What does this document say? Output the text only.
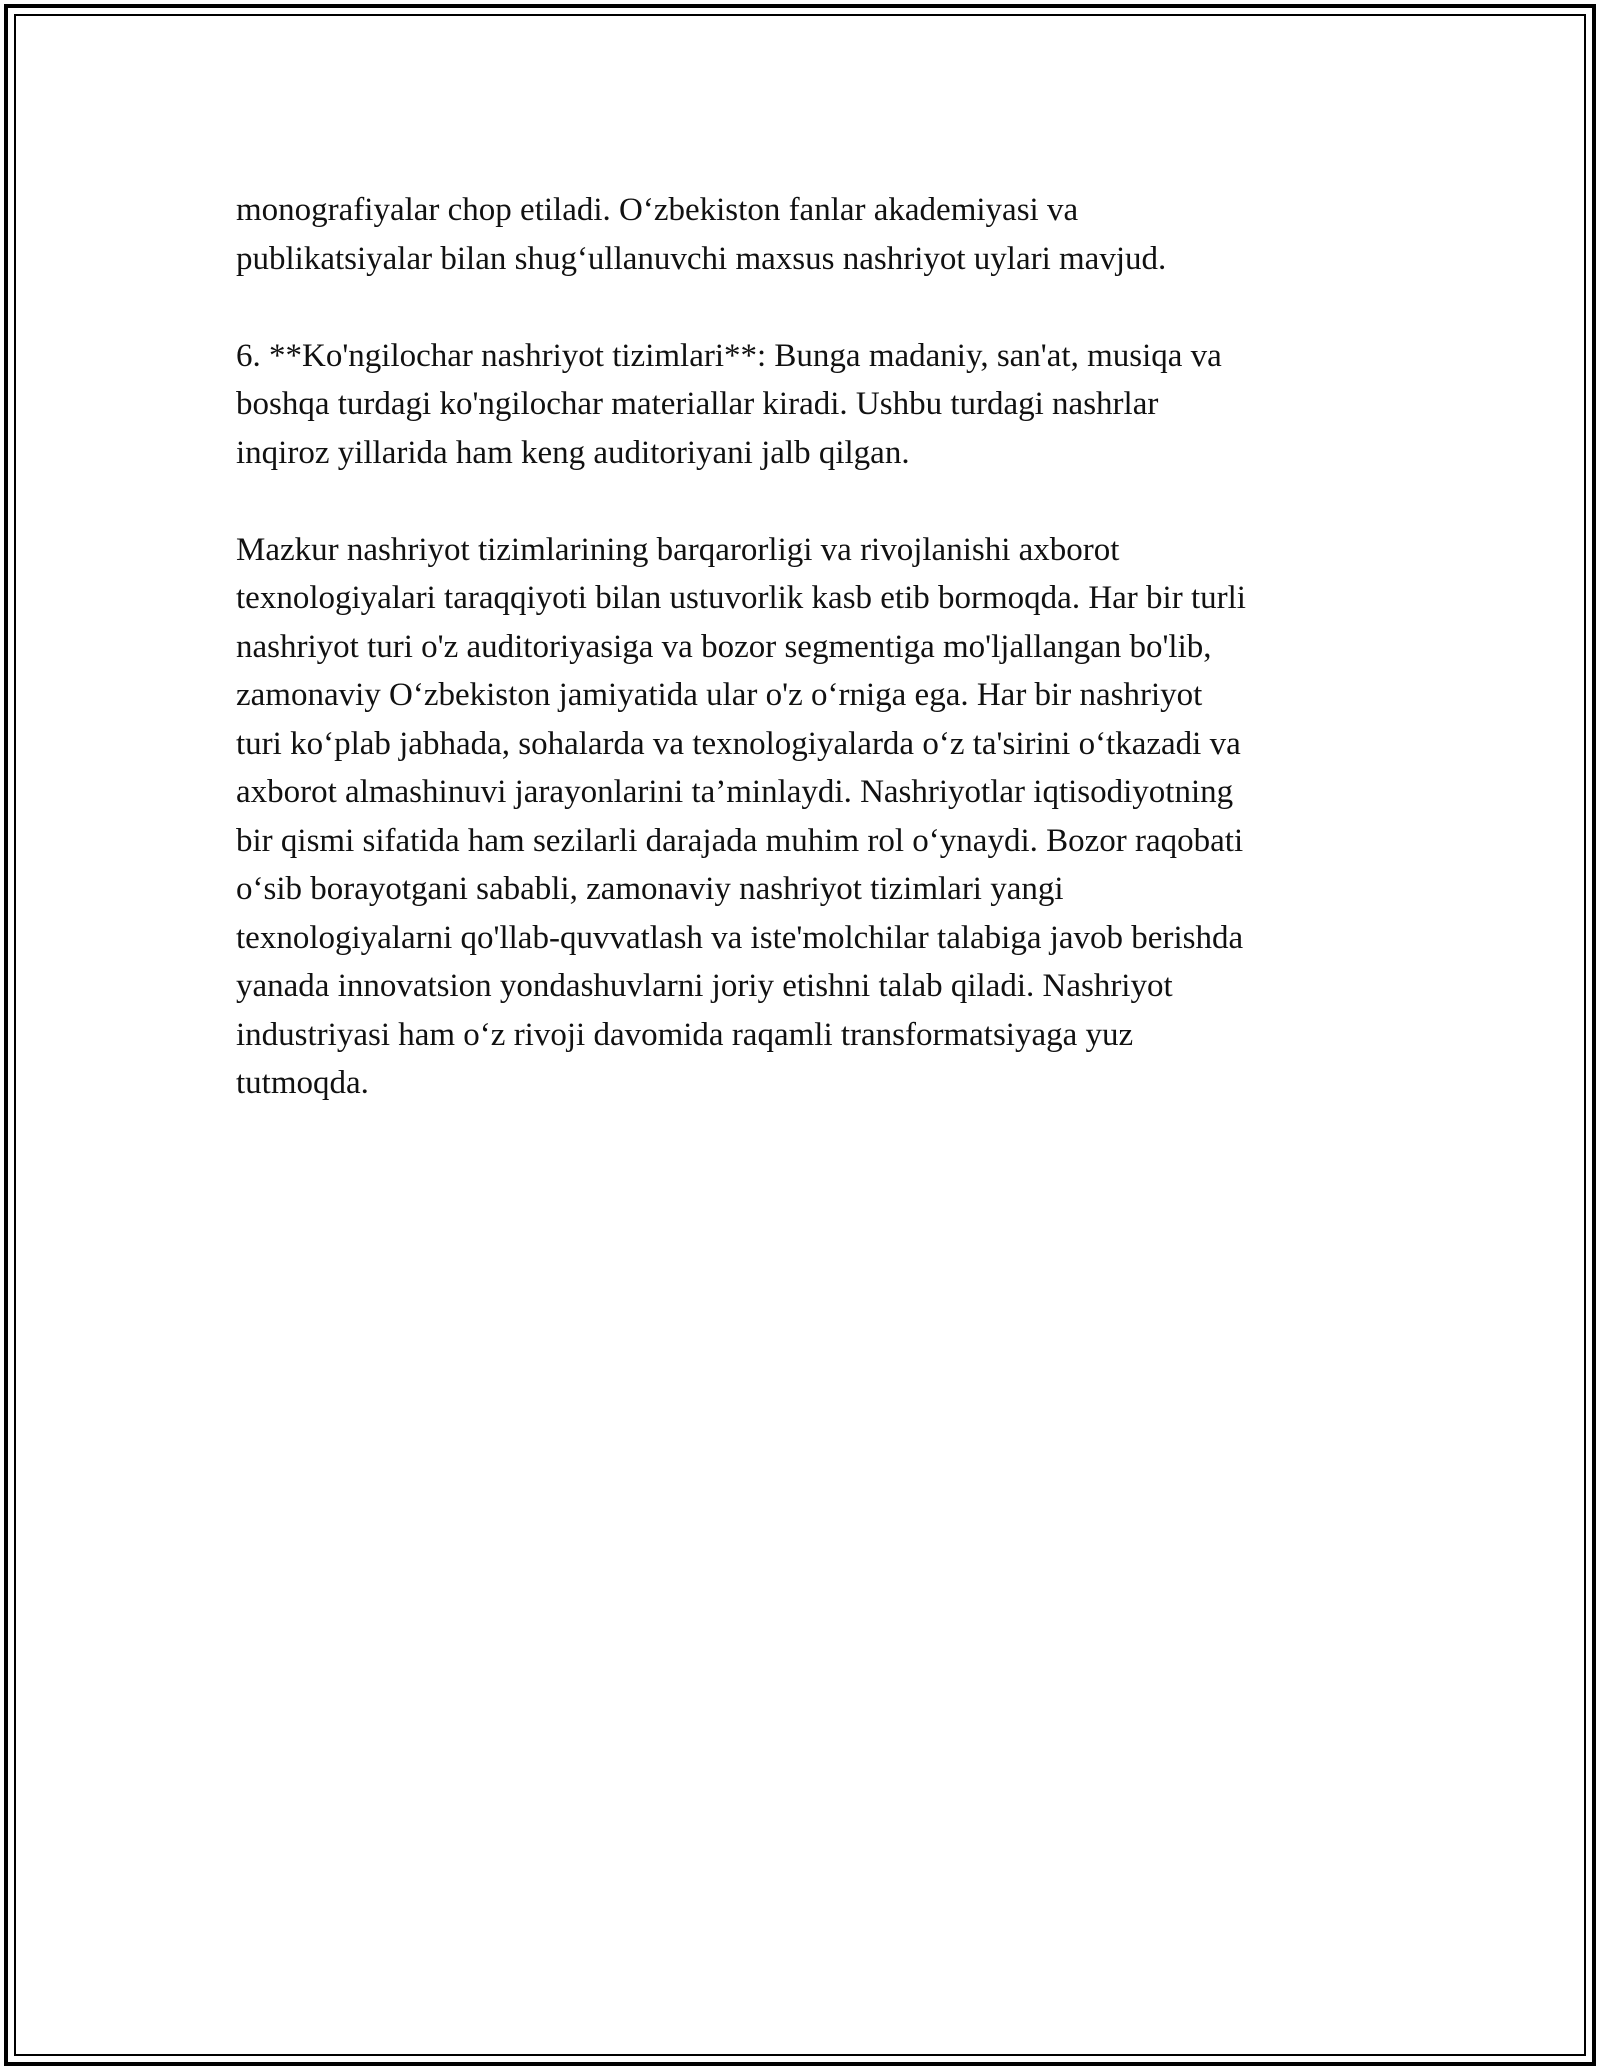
monografiyalar chop etiladi. O‘zbekiston fanlar akademiyasi va
publikatsiyalar bilan shug‘ullanuvchi maxsus nashriyot uylari mavjud.

6. **Ko'ngilochar nashriyot tizimlari**: Bunga madaniy, san'at, musiqa va
boshqa turdagi ko'ngilochar materiallar kiradi. Ushbu turdagi nashrlar
inqiroz yillarida ham keng auditoriyani jalb qilgan.

Mazkur nashriyot tizimlarining barqarorligi va rivojlanishi axborot
texnologiyalari taraqqiyoti bilan ustuvorlik kasb etib bormoqda. Har bir turli
nashriyot turi o'z auditoriyasiga va bozor segmentiga mo'ljallangan bo'lib,
zamonaviy O‘zbekiston jamiyatida ular o'z o‘rniga ega. Har bir nashriyot
turi ko‘plab jabhada, sohalarda va texnologiyalarda o‘z ta'sirini o‘tkazadi va
axborot almashinuvi jarayonlarini ta’minlaydi. Nashriyotlar iqtisodiyotning
bir qismi sifatida ham sezilarli darajada muhim rol o‘ynaydi. Bozor raqobati
o‘sib borayotgani sababli, zamonaviy nashriyot tizimlari yangi
texnologiyalarni qo'llab-quvvatlash va iste'molchilar talabiga javob berishda
yanada innovatsion yondashuvlarni joriy etishni talab qiladi. Nashriyot
industriyasi ham o‘z rivoji davomida raqamli transformatsiyaga yuz
tutmoqda.
